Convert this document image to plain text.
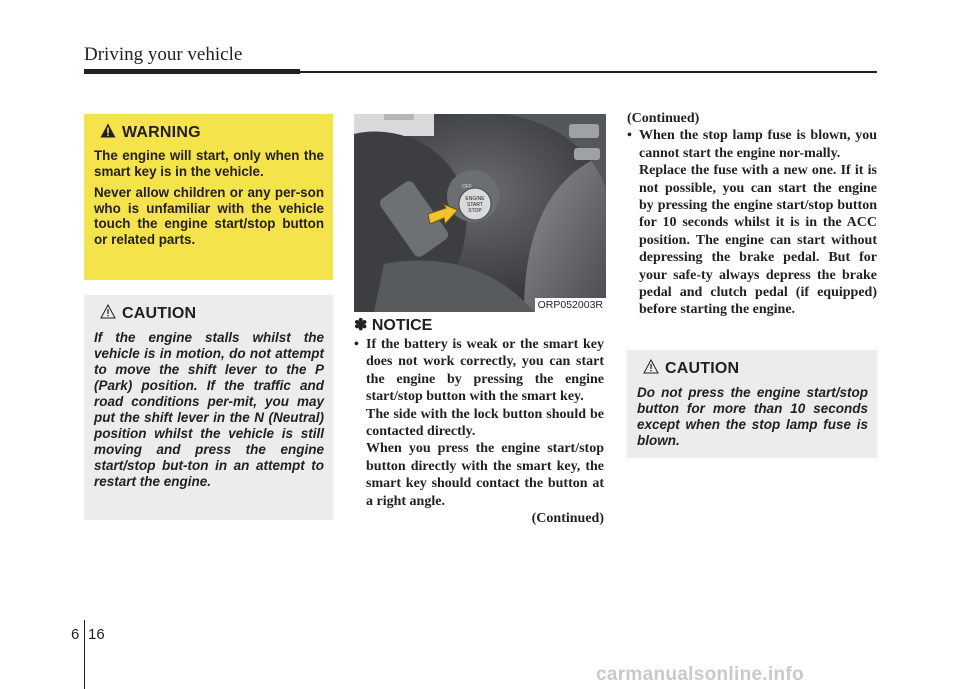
Driving your vehicle
WARNING

The engine will start, only when the smart key is in the vehicle.

Never allow children or any per-son who is unfamiliar with the vehicle touch the engine start/stop button or related parts.

CAUTION

If the engine stalls whilst the vehicle is in motion, do not attempt to move the shift lever to the P (Park) position. If the traffic and road conditions per-mit, you may put the shift lever in the N (Neutral) position whilst the vehicle is still moving and press the engine start/stop but-ton in an attempt to restart the engine.

ENGINE
START
STOP
OFF
ORP052003R
✽ NOTICE
• If the battery is weak or the smart key does not work correctly, you can start the engine by pressing the engine start/stop button with the smart key.

The side with the lock button should be contacted directly.

When you press the engine start/stop button directly with the smart key, the smart key should contact the button at a right angle.

(Continued)

(Continued)
• When the stop lamp fuse is blown, you cannot start the engine nor-mally.

Replace the fuse with a new one. If it is not possible, you can start the engine by pressing the engine start/stop button for 10 seconds whilst it is in the ACC position. The engine can start without depressing the brake pedal. But for your safe-ty always depress the brake pedal and clutch pedal (if equipped) before starting the engine.

CAUTION

Do not press the engine start/stop button for more than 10 seconds except when the stop lamp fuse is blown.

6 16
carmanualsonline.info
